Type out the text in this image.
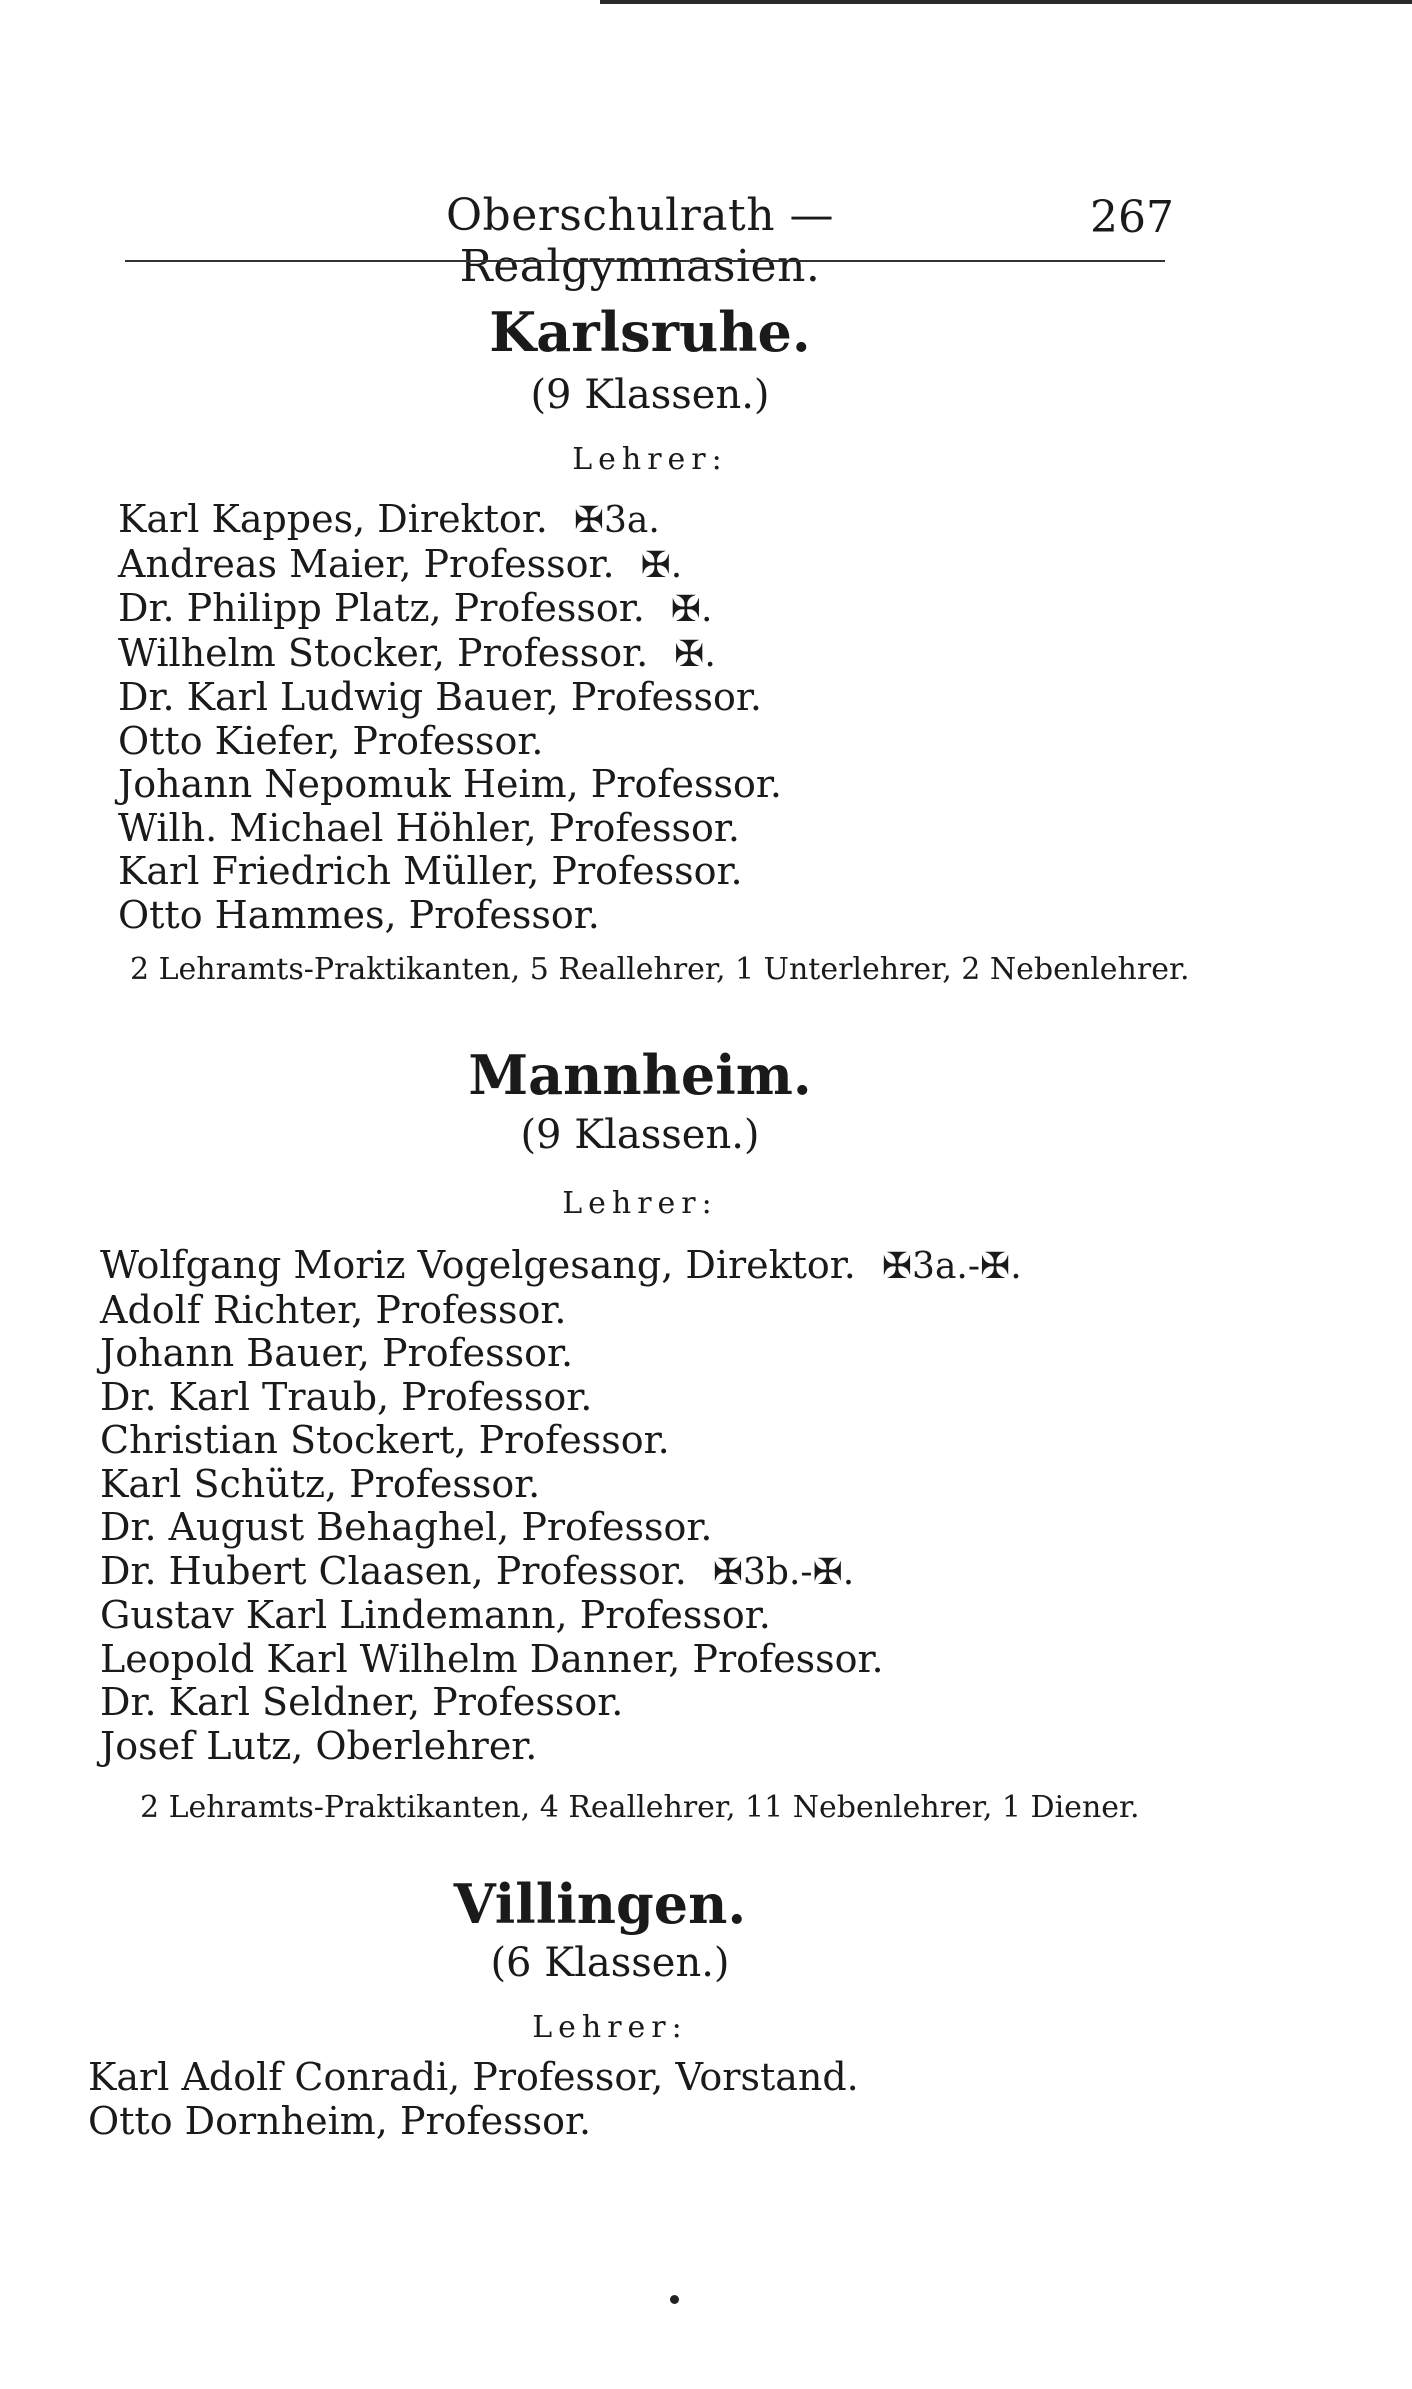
Oberschulrath — Realgymnasien.
267
Karlsruhe.
(9 Klassen.)
Lehrer:
Karl Kappes, Direktor. ✠3a.
Andreas Maier, Professor. ✠.
Dr. Philipp Platz, Professor. ✠.
Wilhelm Stocker, Professor. ✠.
Dr. Karl Ludwig Bauer, Professor.
Otto Kiefer, Professor.
Johann Nepomuk Heim, Professor.
Wilh. Michael Höhler, Professor.
Karl Friedrich Müller, Professor.
Otto Hammes, Professor.
2 Lehramts-Praktikanten, 5 Reallehrer, 1 Unterlehrer, 2 Nebenlehrer.
Mannheim.
(9 Klassen.)
Lehrer:
Wolfgang Moriz Vogelgesang, Direktor. ✠3a.-✠.
Adolf Richter, Professor.
Johann Bauer, Professor.
Dr. Karl Traub, Professor.
Christian Stockert, Professor.
Karl Schütz, Professor.
Dr. August Behaghel, Professor.
Dr. Hubert Claasen, Professor. ✠3b.-✠.
Gustav Karl Lindemann, Professor.
Leopold Karl Wilhelm Danner, Professor.
Dr. Karl Seldner, Professor.
Josef Lutz, Oberlehrer.
2 Lehramts-Praktikanten, 4 Reallehrer, 11 Nebenlehrer, 1 Diener.
Villingen.
(6 Klassen.)
Lehrer:
Karl Adolf Conradi, Professor, Vorstand.
Otto Dornheim, Professor.
